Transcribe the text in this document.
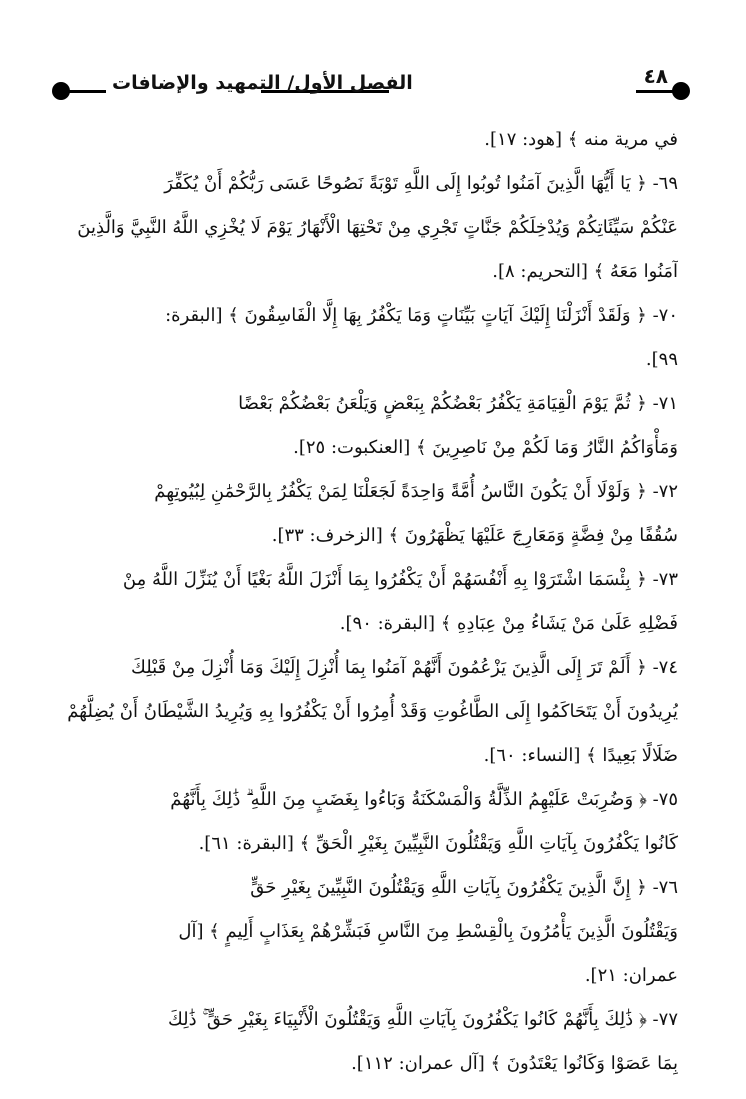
٤٨
الفصل الأول/ التمهيد والإضافات
في مرية منه ﴾ [هود: ١٧].
٦٩- ﴿ يَا أَيُّهَا الَّذِينَ آمَنُوا تُوبُوا إِلَى اللَّهِ تَوْبَةً نَصُوحًا عَسَى رَبُّكُمْ أَنْ يُكَفِّرَ
عَنْكُمْ سَيِّئَاتِكُمْ وَيُدْخِلَكُمْ جَنَّاتٍ تَجْرِي مِنْ تَحْتِهَا الْأَنْهَارُ يَوْمَ لَا يُخْزِي اللَّهُ النَّبِيَّ وَالَّذِينَ
آمَنُوا مَعَهُ ﴾ [التحريم: ٨].
٧٠- ﴿ وَلَقَدْ أَنْزَلْنَا إِلَيْكَ آيَاتٍ بَيِّنَاتٍ وَمَا يَكْفُرُ بِهَا إِلَّا الْفَاسِقُونَ ﴾ [البقرة:
٩٩].
٧١- ﴿ ثُمَّ يَوْمَ الْقِيَامَةِ يَكْفُرُ بَعْضُكُمْ بِبَعْضٍ وَيَلْعَنُ بَعْضُكُمْ بَعْضًا
وَمَأْوَاكُمُ النَّارُ وَمَا لَكُمْ مِنْ نَاصِرِينَ ﴾ [العنكبوت: ٢٥].
٧٢- ﴿ وَلَوْلَا أَنْ يَكُونَ النَّاسُ أُمَّةً وَاحِدَةً لَجَعَلْنَا لِمَنْ يَكْفُرُ بِالرَّحْمَٰنِ لِبُيُوتِهِمْ
سُقُفًا مِنْ فِضَّةٍ وَمَعَارِجَ عَلَيْهَا يَظْهَرُونَ ﴾ [الزخرف: ٣٣].
٧٣- ﴿ بِئْسَمَا اشْتَرَوْا بِهِ أَنْفُسَهُمْ أَنْ يَكْفُرُوا بِمَا أَنْزَلَ اللَّهُ بَغْيًا أَنْ يُنَزِّلَ اللَّهُ مِنْ
فَضْلِهِ عَلَىٰ مَنْ يَشَاءُ مِنْ عِبَادِهِ ﴾ [البقرة: ٩٠].
٧٤- ﴿ أَلَمْ تَرَ إِلَى الَّذِينَ يَزْعُمُونَ أَنَّهُمْ آمَنُوا بِمَا أُنْزِلَ إِلَيْكَ وَمَا أُنْزِلَ مِنْ قَبْلِكَ
يُرِيدُونَ أَنْ يَتَحَاكَمُوا إِلَى الطَّاغُوتِ وَقَدْ أُمِرُوا أَنْ يَكْفُرُوا بِهِ وَيُرِيدُ الشَّيْطَانُ أَنْ يُضِلَّهُمْ
ضَلَالًا بَعِيدًا ﴾ [النساء: ٦٠].
٧٥- ﴿ وَضُرِبَتْ عَلَيْهِمُ الذِّلَّةُ وَالْمَسْكَنَةُ وَبَاءُوا بِغَضَبٍ مِنَ اللَّهِ ۗ ذَٰلِكَ بِأَنَّهُمْ
كَانُوا يَكْفُرُونَ بِآيَاتِ اللَّهِ وَيَقْتُلُونَ النَّبِيِّينَ بِغَيْرِ الْحَقِّ ﴾ [البقرة: ٦١].
٧٦- ﴿ إِنَّ الَّذِينَ يَكْفُرُونَ بِآيَاتِ اللَّهِ وَيَقْتُلُونَ النَّبِيِّينَ بِغَيْرِ حَقٍّ
وَيَقْتُلُونَ الَّذِينَ يَأْمُرُونَ بِالْقِسْطِ مِنَ النَّاسِ فَبَشِّرْهُمْ بِعَذَابٍ أَلِيمٍ ﴾ [آل
عمران: ٢١].
٧٧- ﴿ ذَٰلِكَ بِأَنَّهُمْ كَانُوا يَكْفُرُونَ بِآيَاتِ اللَّهِ وَيَقْتُلُونَ الْأَنْبِيَاءَ بِغَيْرِ حَقٍّ ۚ ذَٰلِكَ
بِمَا عَصَوْا وَكَانُوا يَعْتَدُونَ ﴾ [آل عمران: ١١٢].
